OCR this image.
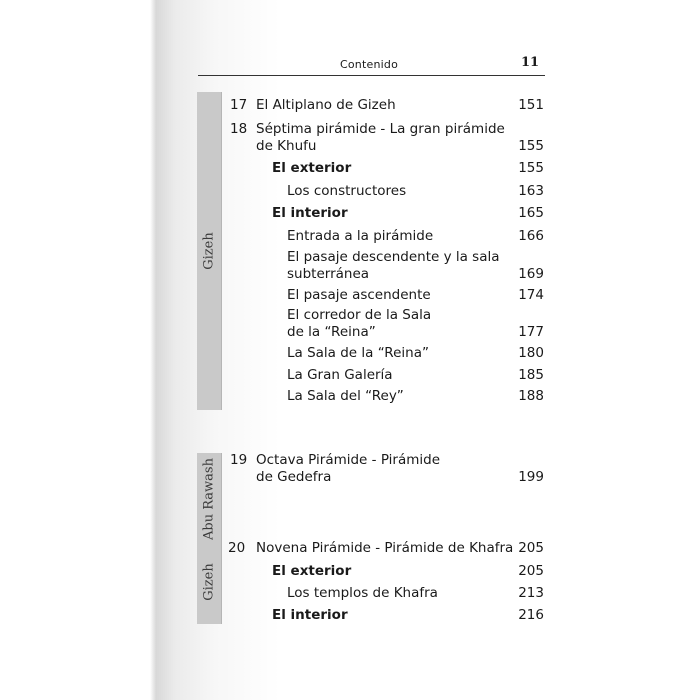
Contenido	11
Gizeh
Abu Rawash
Gizeh
17 El Altiplano de Gizeh	151
18 Séptima pirámide - La gran pirámide
de Khufu	155
El exterior	155
Los constructores	163
El interior	165
Entrada a la pirámide	166
El pasaje descendente y la sala
subterránea	169
El pasaje ascendente	174
El corredor de la Sala
de la “Reina”	177
La Sala de la “Reina”	180
La Gran Galería	185
La Sala del “Rey”	188
19 Octava Pirámide - Pirámide
de Gedefra	199
20 Novena Pirámide - Pirámide de Khafra 205
El exterior	205
Los templos de Khafra	213
El interior	216
